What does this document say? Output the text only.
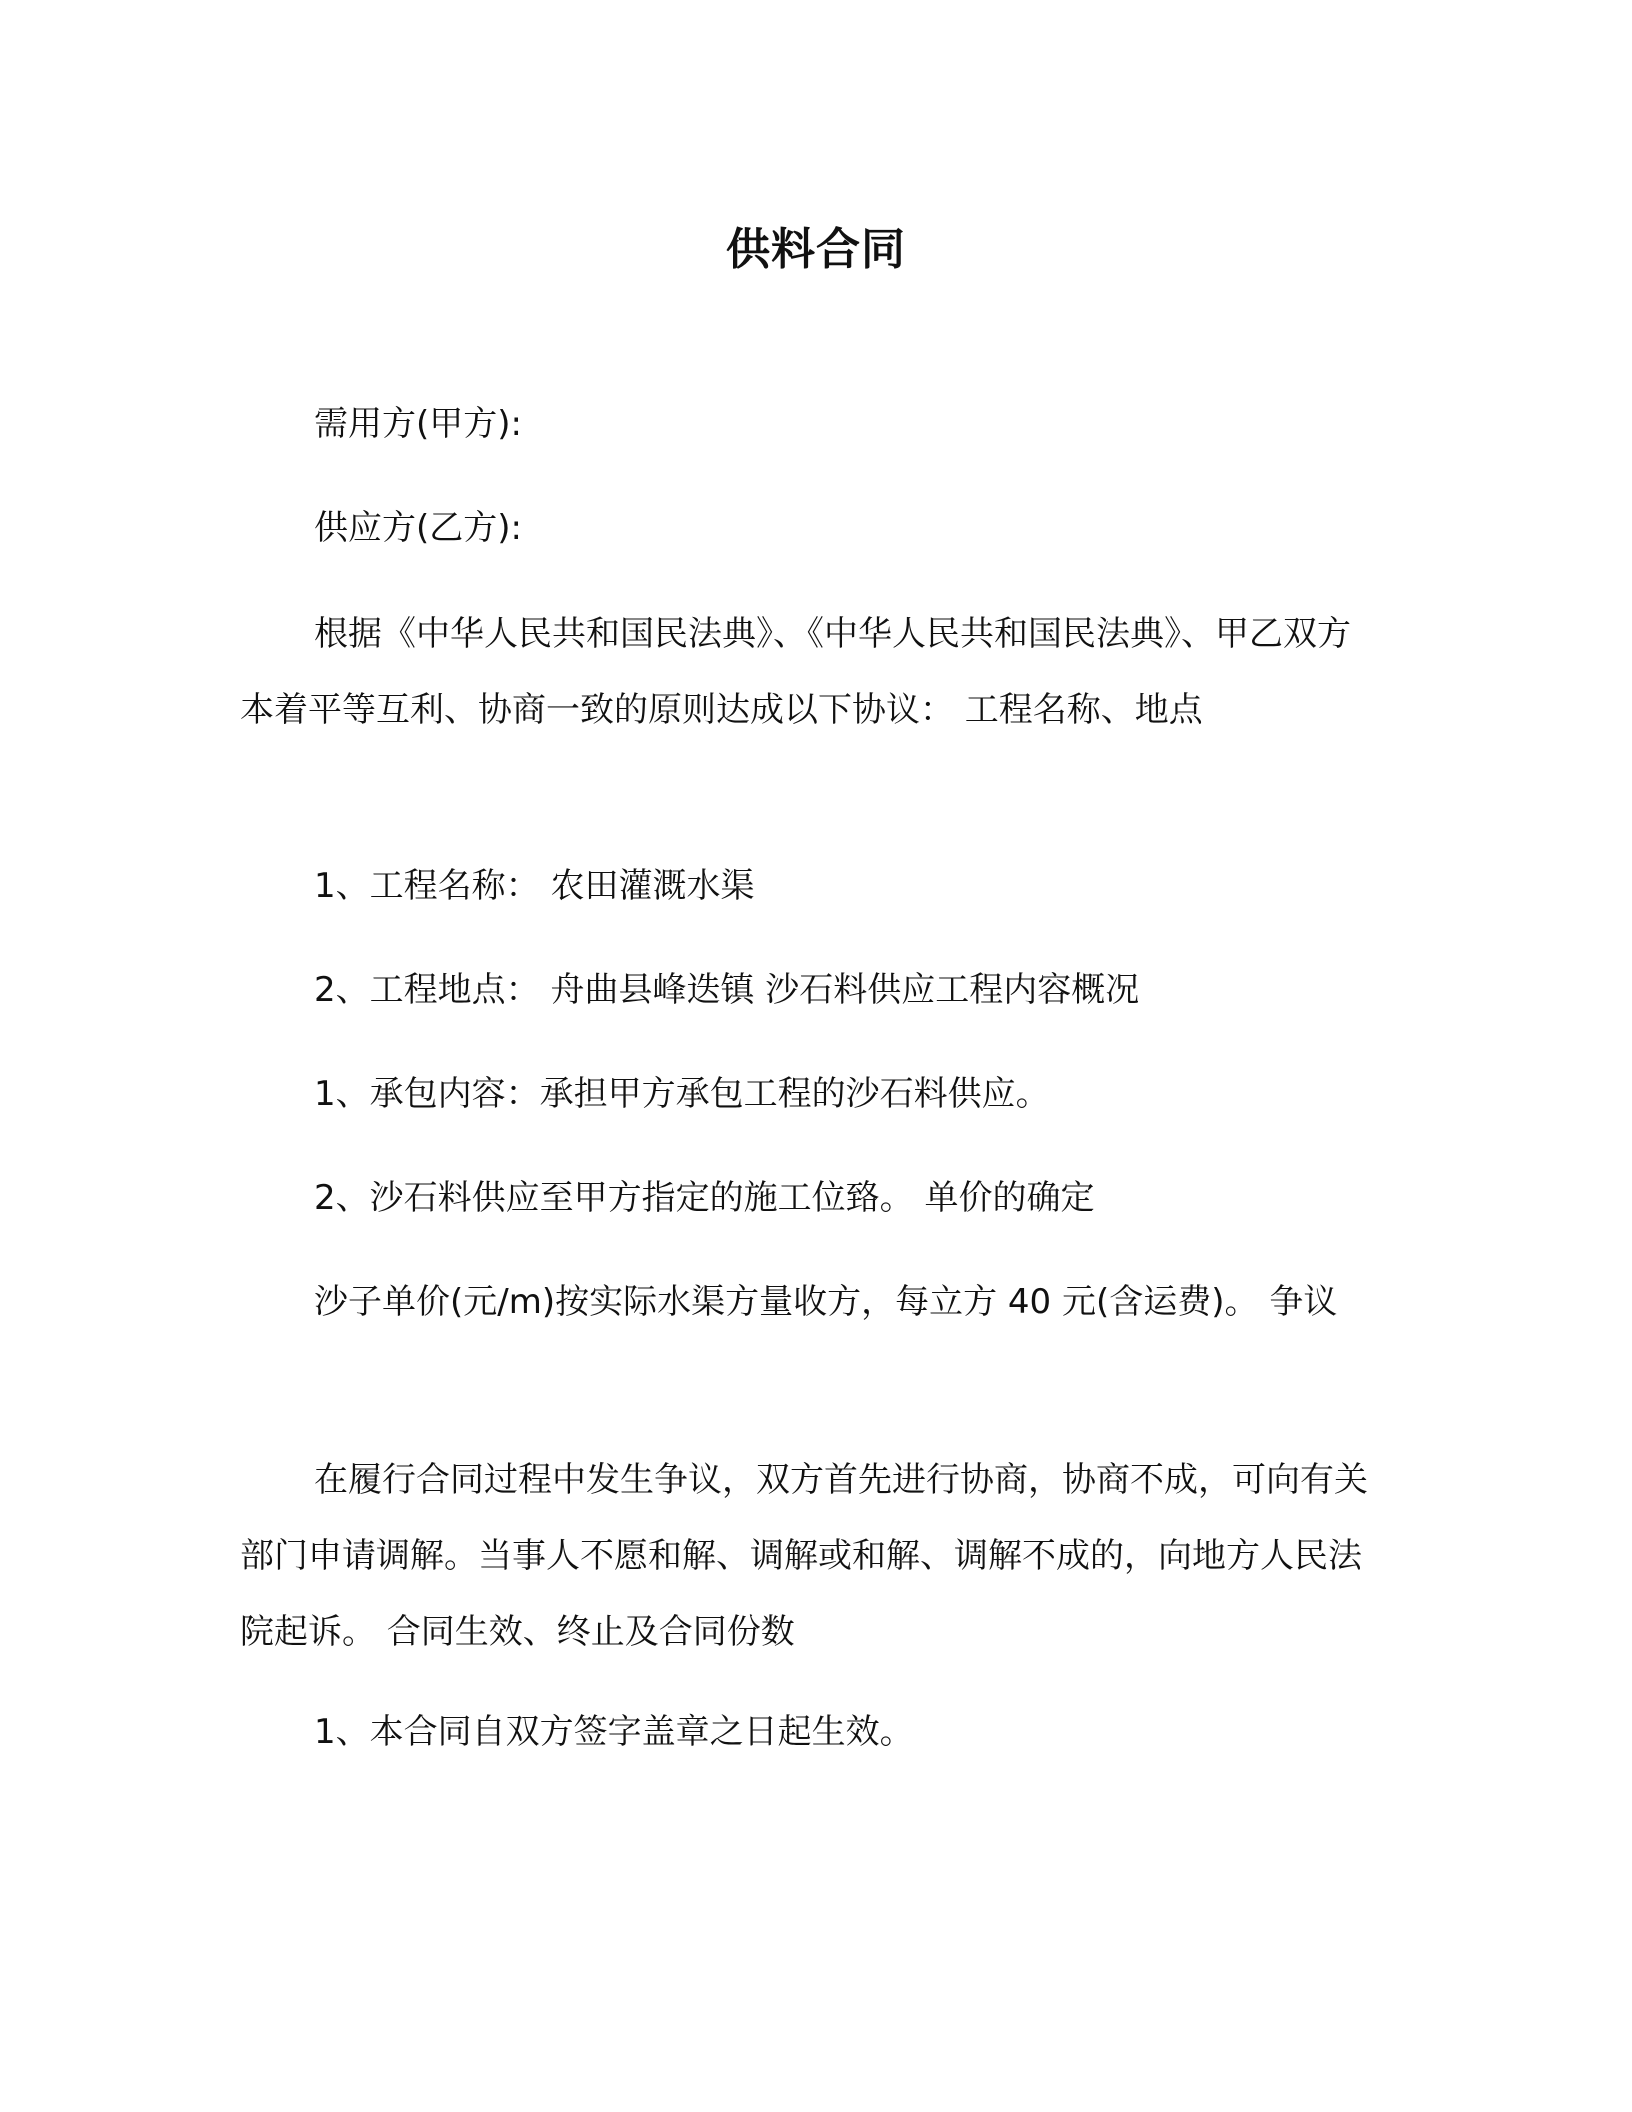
供料合同
需用方(甲方):
供应方(乙方):
根据《中华人民共和国民法典》、《中华人民共和国民法典》、甲乙双方本着平等互利、协商一致的原则达成以下协议： 工程名称、地点
1、工程名称： 农田灌溉水渠
2、工程地点： 舟曲县峰迭镇 沙石料供应工程内容概况
1、承包内容：承担甲方承包工程的沙石料供应。
2、沙石料供应至甲方指定的施工位臵。 单价的确定
沙子单价(元/m)按实际水渠方量收方，每立方 40 元(含运费)。 争议
在履行合同过程中发生争议，双方首先进行协商，协商不成，可向有关部门申请调解。当事人不愿和解、调解或和解、调解不成的，向地方人民法院起诉。 合同生效、终止及合同份数
1、本合同自双方签字盖章之日起生效。
